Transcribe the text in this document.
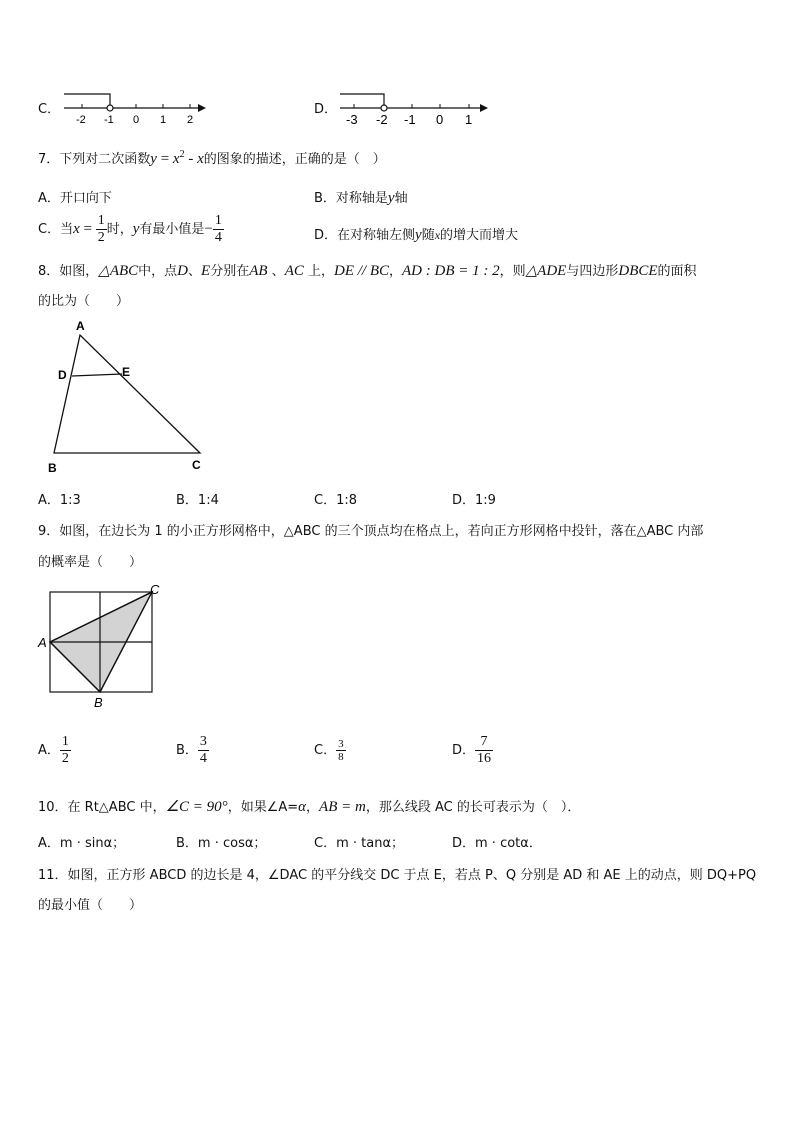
C．
-2 -1 0 1 2
D．
-3 -2 -1 0 1
7．下列对二次函数$y = x^2 - x$的图象的描述，正确的是（　）
A．开口向下	B．对称轴是y轴
C．当$x = \frac{1}{2}$ 时，y有最小值是− $\frac{1}{4}$	D．在对称轴左侧y随x的增大而增大
8．如图，△ABC中，点D、E分别在AB 、AC 上，DE // BC，AD : DB = 1 : 2，则△ADE与四边形DBCE的面积
的比为（　　）
A
D	E
B	C
A．1:3	B．1:4	C．1:8	D．1:9
9．如图，在边长为 1 的小正方形网格中，△ABC 的三个顶点均在格点上，若向正方形网格中投针，落在△ABC 内部
的概率是（　　）
A
C
B
A． $\frac{1}{2}$	B． $\frac{3}{4}$	C． $\frac{3}{8}$	D． $\frac{7}{16}$
10．在 Rt△ABC 中，∠C = 90°，如果∠A=α，AB = m，那么线段 AC 的长可表示为（　）．
A．m · sinα；	B．m · cosα；	C．m · tanα；	D．m · cotα．
11．如图，正方形 ABCD 的边长是 4，∠DAC 的平分线交 DC 于点 E，若点 P、Q 分别是 AD 和 AE 上的动点，则 DQ+PQ
的最小值（　　）
